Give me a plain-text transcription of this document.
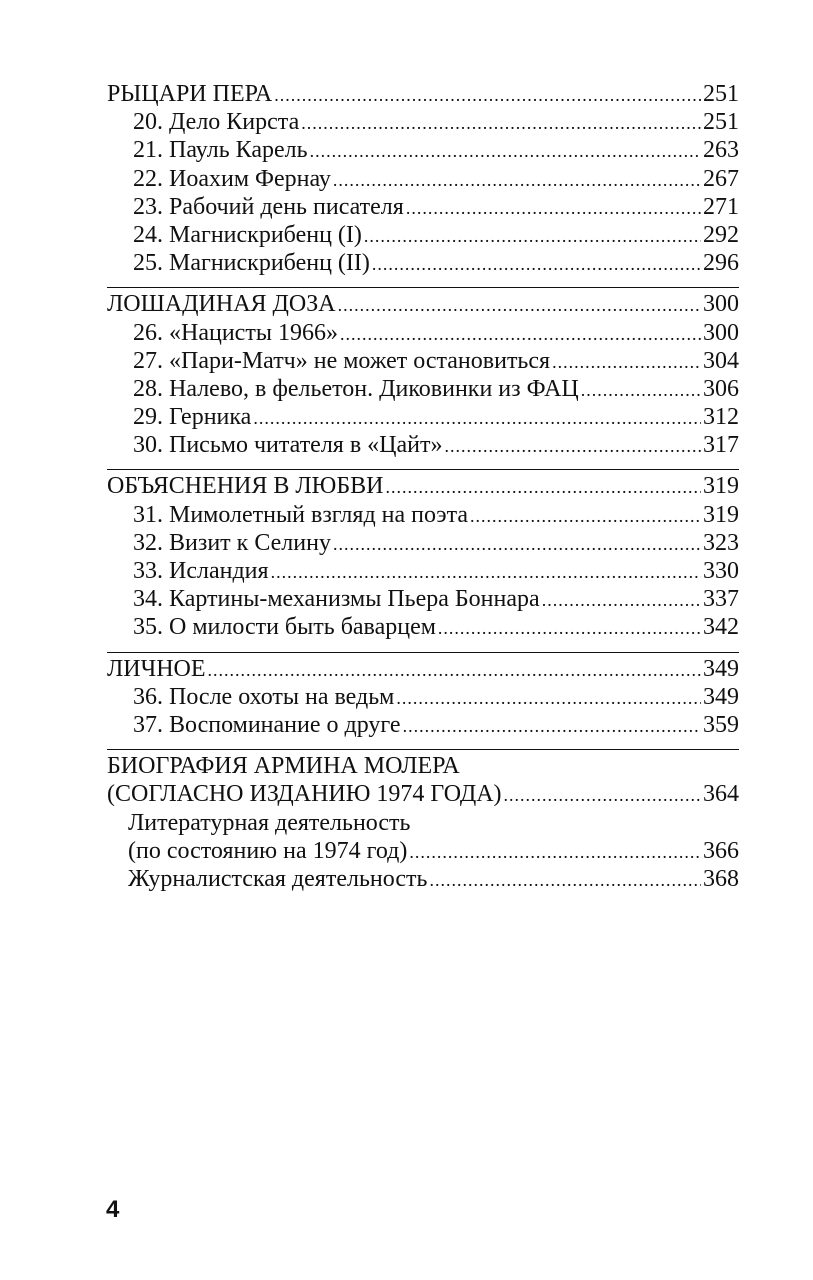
РЫЦАРИ ПЕРА .....	251
20. Дело Кирста .....	251
21. Пауль Карель .....	263
22. Иоахим Фернау .....	267
23. Рабочий день писателя .....	271
24. Магнискрибенц (I) .....	292
25. Магнискрибенц (II) .....	296
ЛОШАДИНАЯ ДОЗА .....	300
26. «Нацисты 1966» .....	300
27. «Пари-Матч» не может остановиться .....	304
28. Налево, в фельетон. Диковинки из ФАЦ .....	306
29. Герника .....	312
30. Письмо читателя в «Цайт» .....	317
ОБЪЯСНЕНИЯ В ЛЮБВИ .....	319
31. Мимолетный взгляд на поэта .....	319
32. Визит к Селину .....	323
33. Исландия .....	330
34. Картины-механизмы Пьера Боннара .....	337
35. О милости быть баварцем .....	342
ЛИЧНОЕ .....	349
36. После охоты на ведьм .....	349
37. Воспоминание о друге .....	359
БИОГРАФИЯ АРМИНА МОЛЕРА
(СОГЛАСНО ИЗДАНИЮ 1974 ГОДА) .....	364
Литературная деятельность
(по состоянию на 1974 год) .....	366
Журналистская деятельность .....	368
4
